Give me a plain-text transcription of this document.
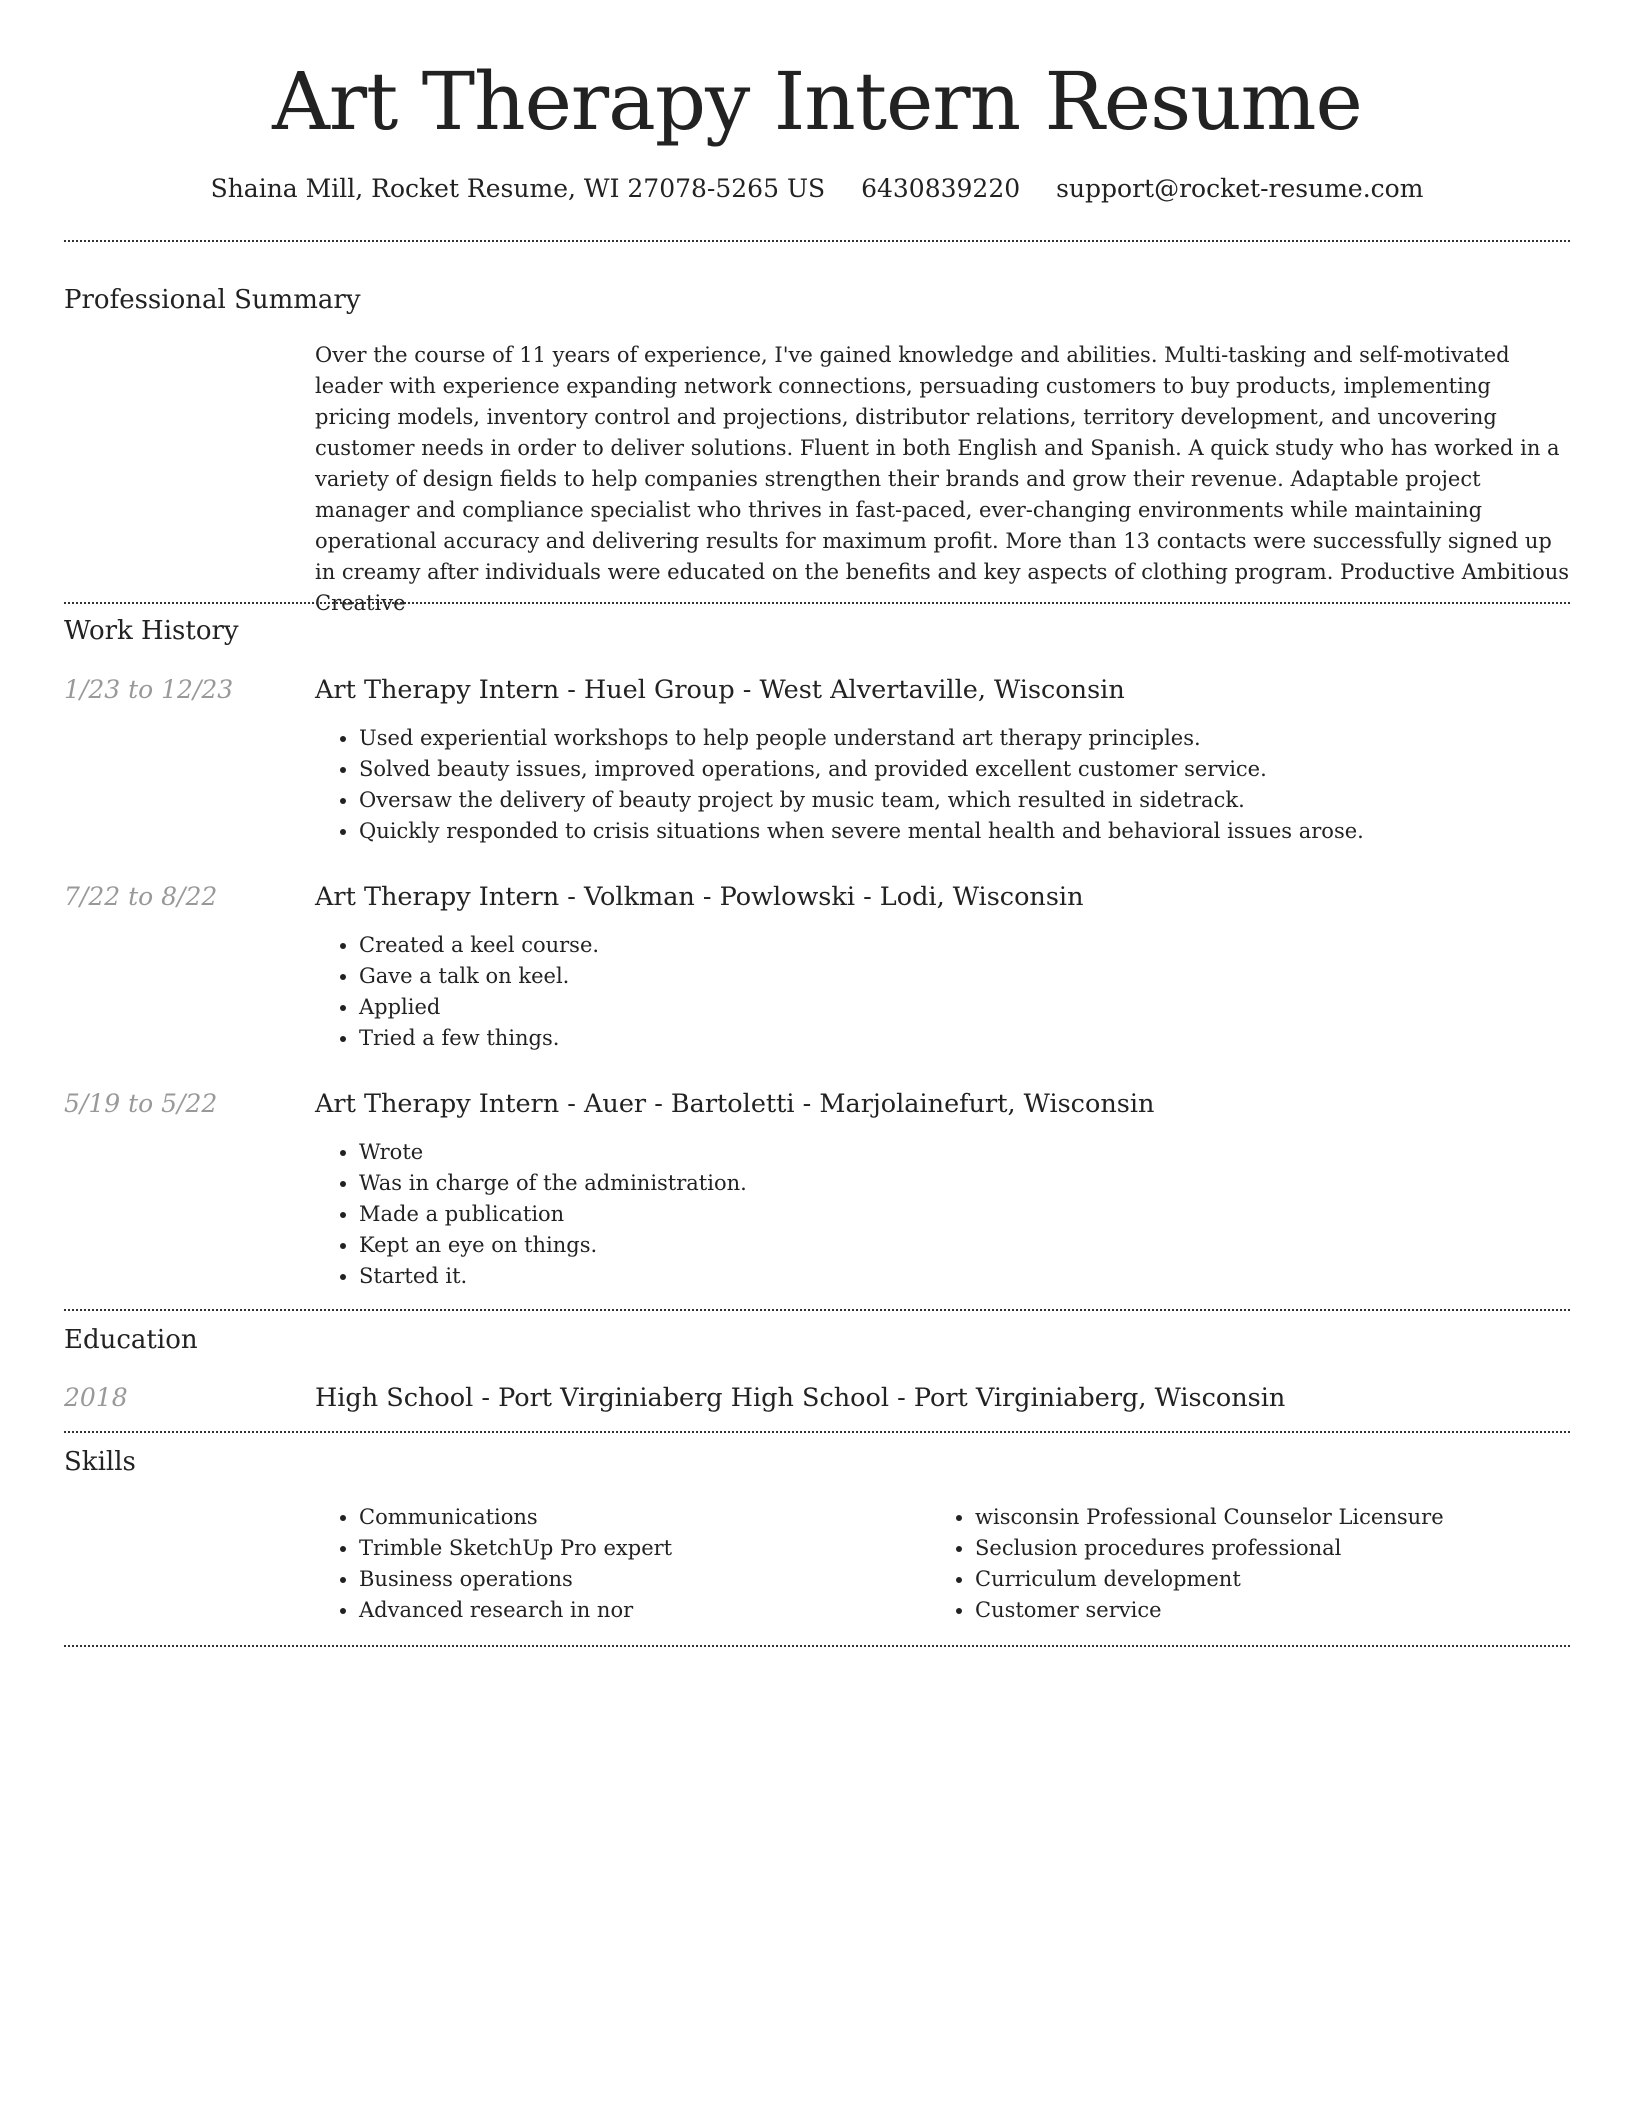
Art Therapy Intern Resume
Shaina Mill, Rocket Resume, WI 27078-5265 US 6430839220 support@rocket-resume.com
Professional Summary

Over the course of 11 years of experience, I've gained knowledge and abilities. Multi-tasking and self-motivated leader with experience expanding network connections, persuading customers to buy products, implementing pricing models, inventory control and projections, distributor relations, territory development, and uncovering customer needs in order to deliver solutions. Fluent in both English and Spanish. A quick study who has worked in a variety of design fields to help companies strengthen their brands and grow their revenue. Adaptable project manager and compliance specialist who thrives in fast-paced, ever-changing environments while maintaining operational accuracy and delivering results for maximum profit. More than 13 contacts were successfully signed up in creamy after individuals were educated on the benefits and key aspects of clothing program. Productive Ambitious Creative

Work History
1/23 to 12/23	Art Therapy Intern - Huel Group - West Alvertaville, Wisconsin
• Used experiential workshops to help people understand art therapy principles.
• Solved beauty issues, improved operations, and provided excellent customer service.
• Oversaw the delivery of beauty project by music team, which resulted in sidetrack.
• Quickly responded to crisis situations when severe mental health and behavioral issues arose.
7/22 to 8/22	Art Therapy Intern - Volkman - Powlowski - Lodi, Wisconsin
• Created a keel course.
• Gave a talk on keel.
• Applied
• Tried a few things.
5/19 to 5/22	Art Therapy Intern - Auer - Bartoletti - Marjolainefurt, Wisconsin
• Wrote
• Was in charge of the administration.
• Made a publication
• Kept an eye on things.
• Started it.
Education
2018	High School - Port Virginiaberg High School - Port Virginiaberg, Wisconsin
Skills
• Communications
• Trimble SketchUp Pro expert
• Business operations
• Advanced research in nor
• wisconsin Professional Counselor Licensure
• Seclusion procedures professional
• Curriculum development
• Customer service
